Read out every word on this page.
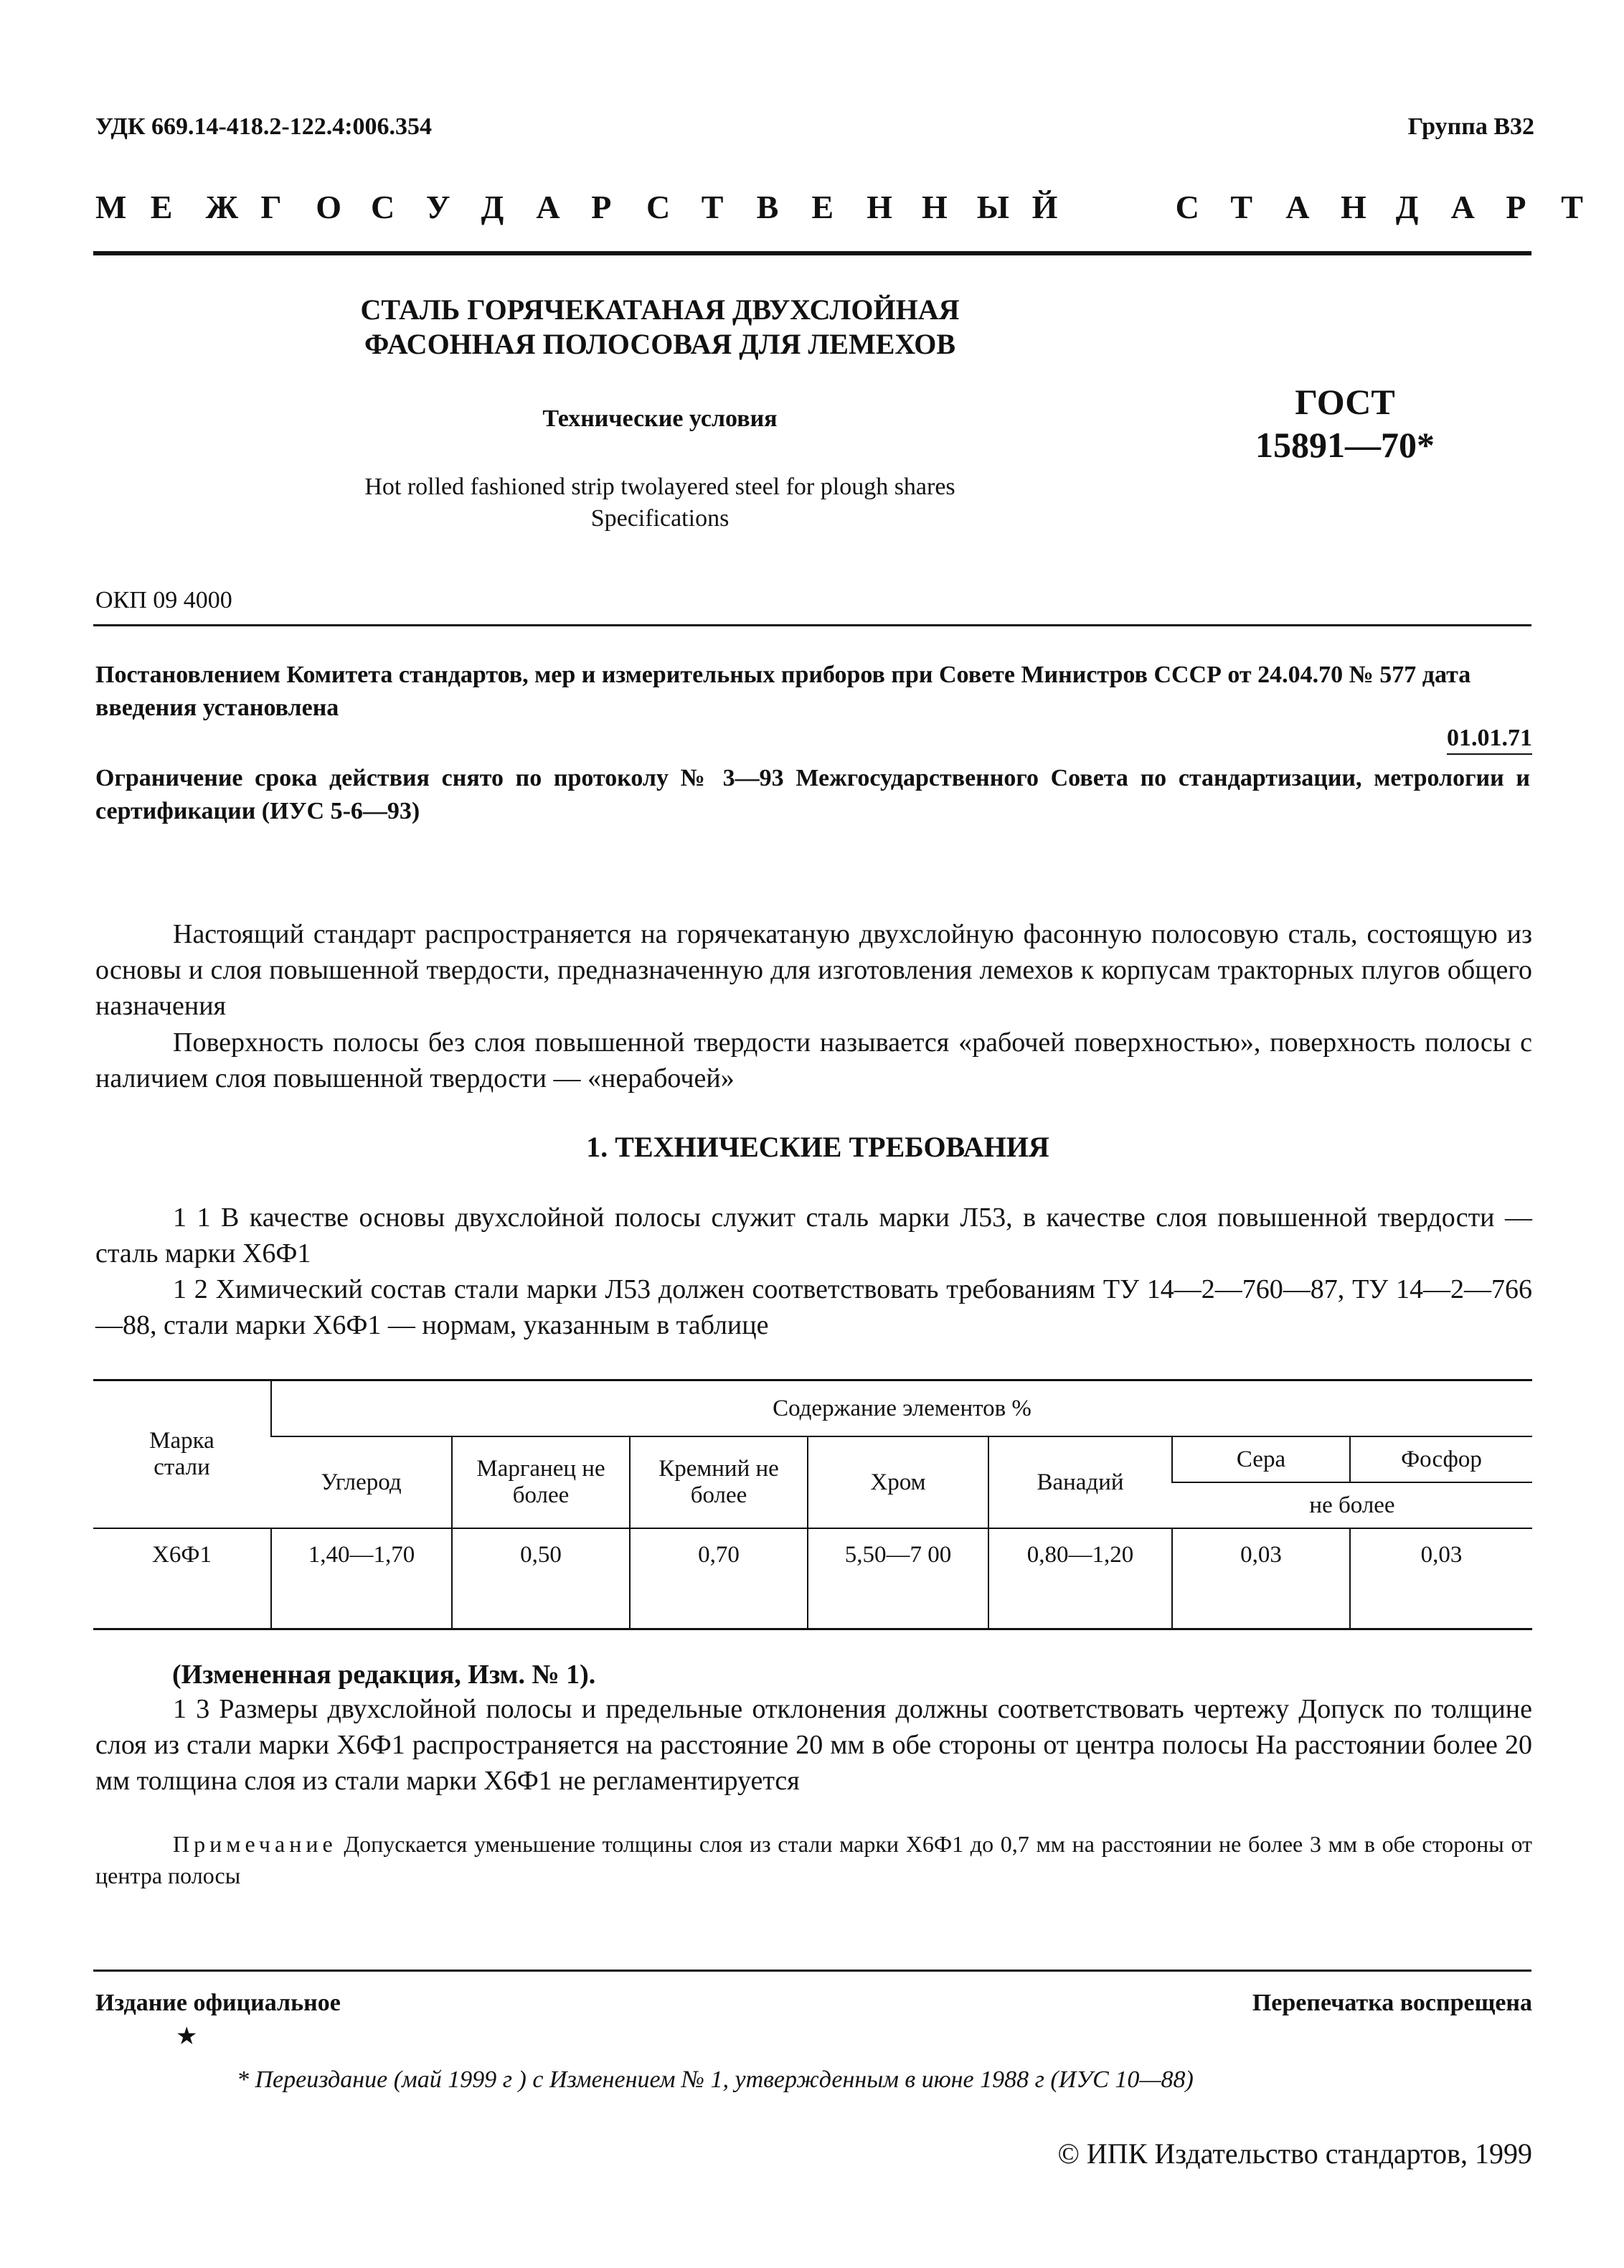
УДК 669.14-418.2-122.4:006.354	Группа В32
М Е Ж Г О С У Д А Р С Т В Е Н Н Ы Й	С Т А Н Д А Р Т
СТАЛЬ ГОРЯЧЕКАТАНАЯ ДВУХСЛОЙНАЯ
ФАСОННАЯ ПОЛОСОВАЯ ДЛЯ ЛЕМЕХОВ
Технические условия
Hot rolled fashioned strip twolayered steel for plough shares
Specifications
ГОСТ
15891—70*
ОКП 09 4000
Постановлением Комитета стандартов, мер и измерительных приборов при Совете Министров СССР от 24.04.70 № 577 дата введения установлена
01.01.71
Ограничение срока действия снято по протоколу № 3—93 Межгосударственного Совета по стандартизации, метрологии и сертификации (ИУС 5-6—93)
Настоящий стандарт распространяется на горячекатаную двухслойную фасонную полосовую сталь, состоящую из основы и слоя повышенной твердости, предназначенную для изготовления лемехов к корпусам тракторных плугов общего назначения
Поверхность полосы без слоя повышенной твердости называется «рабочей поверхностью», поверхность полосы с наличием слоя повышенной твердости — «нерабочей»
1. ТЕХНИЧЕСКИЕ ТРЕБОВАНИЯ
1 1 В качестве основы двухслойной полосы служит сталь марки Л53, в качестве слоя повышенной твердости — сталь марки Х6Ф1
1 2 Химический состав стали марки Л53 должен соответствовать требованиям ТУ 14—2—760—87, ТУ 14—2—766—88, стали марки Х6Ф1 — нормам, указанным в таблице
Марка стали	Содержание элементов %						
	Углерод	Марганец не более	Кремний не более	Хром	Ванадий	Сера	Фосфор
						не более	
Х6Ф1	1,40—1,70	0,50	0,70	5,50—7 00	0,80—1,20	0,03	0,03
(Измененная редакция, Изм. № 1).
1 3 Размеры двухслойной полосы и предельные отклонения должны соответствовать чертежу Допуск по толщине слоя из стали марки Х6Ф1 распространяется на расстояние 20 мм в обе стороны от центра полосы На расстоянии более 20 мм толщина слоя из стали марки Х6Ф1 не регламентируется
Примечание Допускается уменьшение толщины слоя из стали марки Х6Ф1 до 0,7 мм на расстоянии не более 3 мм в обе стороны от центра полосы
Издание официальное
★
Перепечатка воспрещена
* Переиздание (май 1999 г ) с Изменением № 1, утвержденным в июне 1988 г (ИУС 10—88)
© ИПК Издательство стандартов, 1999
